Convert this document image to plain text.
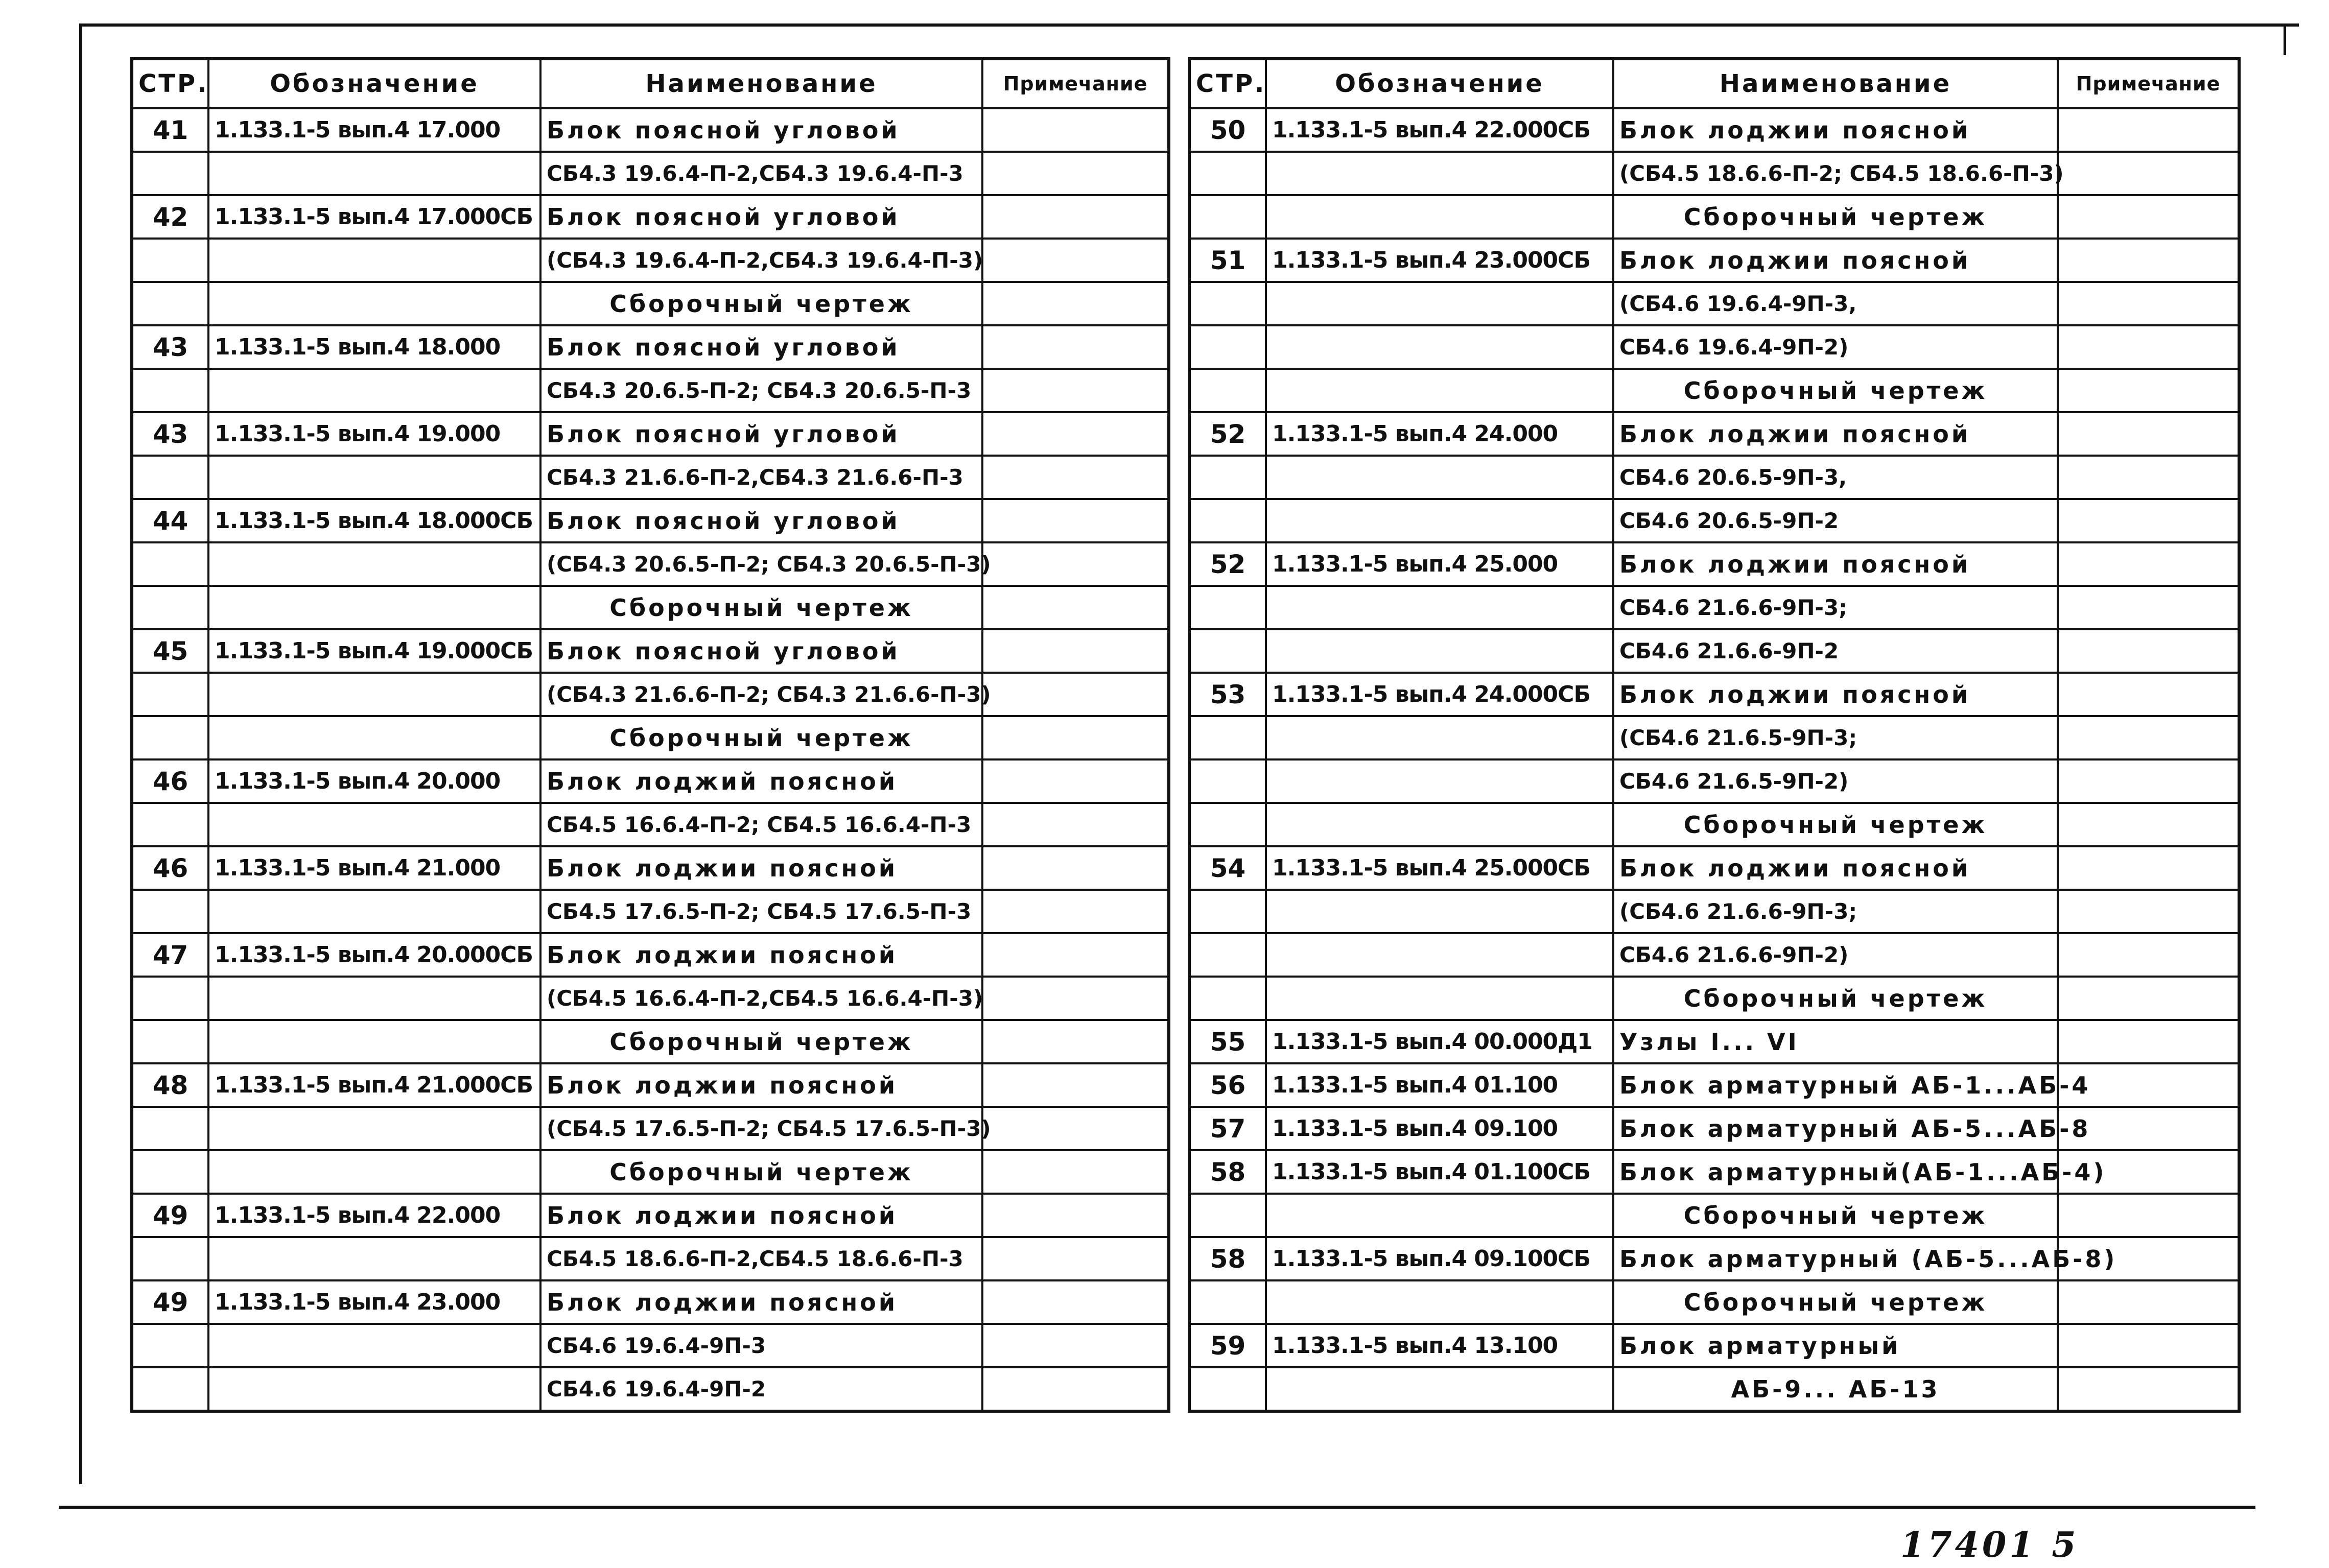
СТР.	Обозначение	Наименование	Примечание
41	1.133.1-5 вып.4 17.000	Блок поясной угловой	
		СБ4.3 19.6.4-П-2,СБ4.3 19.6.4-П-3	
42	1.133.1-5 вып.4 17.000СБ	Блок поясной угловой	
		(СБ4.3 19.6.4-П-2,СБ4.3 19.6.4-П-3)	
		Сборочный чертеж	
43	1.133.1-5 вып.4 18.000	Блок поясной угловой	
		СБ4.3 20.6.5-П-2; СБ4.3 20.6.5-П-3	
43	1.133.1-5 вып.4 19.000	Блок поясной угловой	
		СБ4.3 21.6.6-П-2,СБ4.3 21.6.6-П-3	
44	1.133.1-5 вып.4 18.000СБ	Блок поясной угловой	
		(СБ4.3 20.6.5-П-2; СБ4.3 20.6.5-П-3)	
		Сборочный чертеж	
45	1.133.1-5 вып.4 19.000СБ	Блок поясной угловой	
		(СБ4.3 21.6.6-П-2; СБ4.3 21.6.6-П-3)	
		Сборочный чертеж	
46	1.133.1-5 вып.4 20.000	Блок лоджий поясной	
		СБ4.5 16.6.4-П-2; СБ4.5 16.6.4-П-3	
46	1.133.1-5 вып.4 21.000	Блок лоджии поясной	
		СБ4.5 17.6.5-П-2; СБ4.5 17.6.5-П-3	
47	1.133.1-5 вып.4 20.000СБ	Блок лоджии поясной	
		(СБ4.5 16.6.4-П-2,СБ4.5 16.6.4-П-3)	
		Сборочный чертеж	
48	1.133.1-5 вып.4 21.000СБ	Блок лоджии поясной	
		(СБ4.5 17.6.5-П-2; СБ4.5 17.6.5-П-3)	
		Сборочный чертеж	
49	1.133.1-5 вып.4 22.000	Блок лоджии поясной	
		СБ4.5 18.6.6-П-2,СБ4.5 18.6.6-П-3	
49	1.133.1-5 вып.4 23.000	Блок лоджии поясной	
		СБ4.6 19.6.4-9П-3	
		СБ4.6 19.6.4-9П-2	
СТР.	Обозначение	Наименование	Примечание
50	1.133.1-5 вып.4 22.000СБ	Блок лоджии поясной	
		(СБ4.5 18.6.6-П-2; СБ4.5 18.6.6-П-3)	
		Сборочный чертеж	
51	1.133.1-5 вып.4 23.000СБ	Блок лоджии поясной	
		(СБ4.6 19.6.4-9П-3,	
		СБ4.6 19.6.4-9П-2)	
		Сборочный чертеж	
52	1.133.1-5 вып.4 24.000	Блок лоджии поясной	
		СБ4.6 20.6.5-9П-3,	
		СБ4.6 20.6.5-9П-2	
52	1.133.1-5 вып.4 25.000	Блок лоджии поясной	
		СБ4.6 21.6.6-9П-3;	
		СБ4.6 21.6.6-9П-2	
53	1.133.1-5 вып.4 24.000СБ	Блок лоджии поясной	
		(СБ4.6 21.6.5-9П-3;	
		СБ4.6 21.6.5-9П-2)	
		Сборочный чертеж	
54	1.133.1-5 вып.4 25.000СБ	Блок лоджии поясной	
		(СБ4.6 21.6.6-9П-3;	
		СБ4.6 21.6.6-9П-2)	
		Сборочный чертеж	
55	1.133.1-5 вып.4 00.000Д1	Узлы I... VI	
56	1.133.1-5 вып.4 01.100	Блок арматурный АБ-1...АБ-4	
57	1.133.1-5 вып.4 09.100	Блок арматурный АБ-5...АБ-8	
58	1.133.1-5 вып.4 01.100СБ	Блок арматурный(АБ-1...АБ-4)	
		Сборочный чертеж	
58	1.133.1-5 вып.4 09.100СБ	Блок арматурный (АБ-5...АБ-8)	
		Сборочный чертеж	
59	1.133.1-5 вып.4 13.100	Блок арматурный	
		АБ-9... АБ-13	
17401 5
